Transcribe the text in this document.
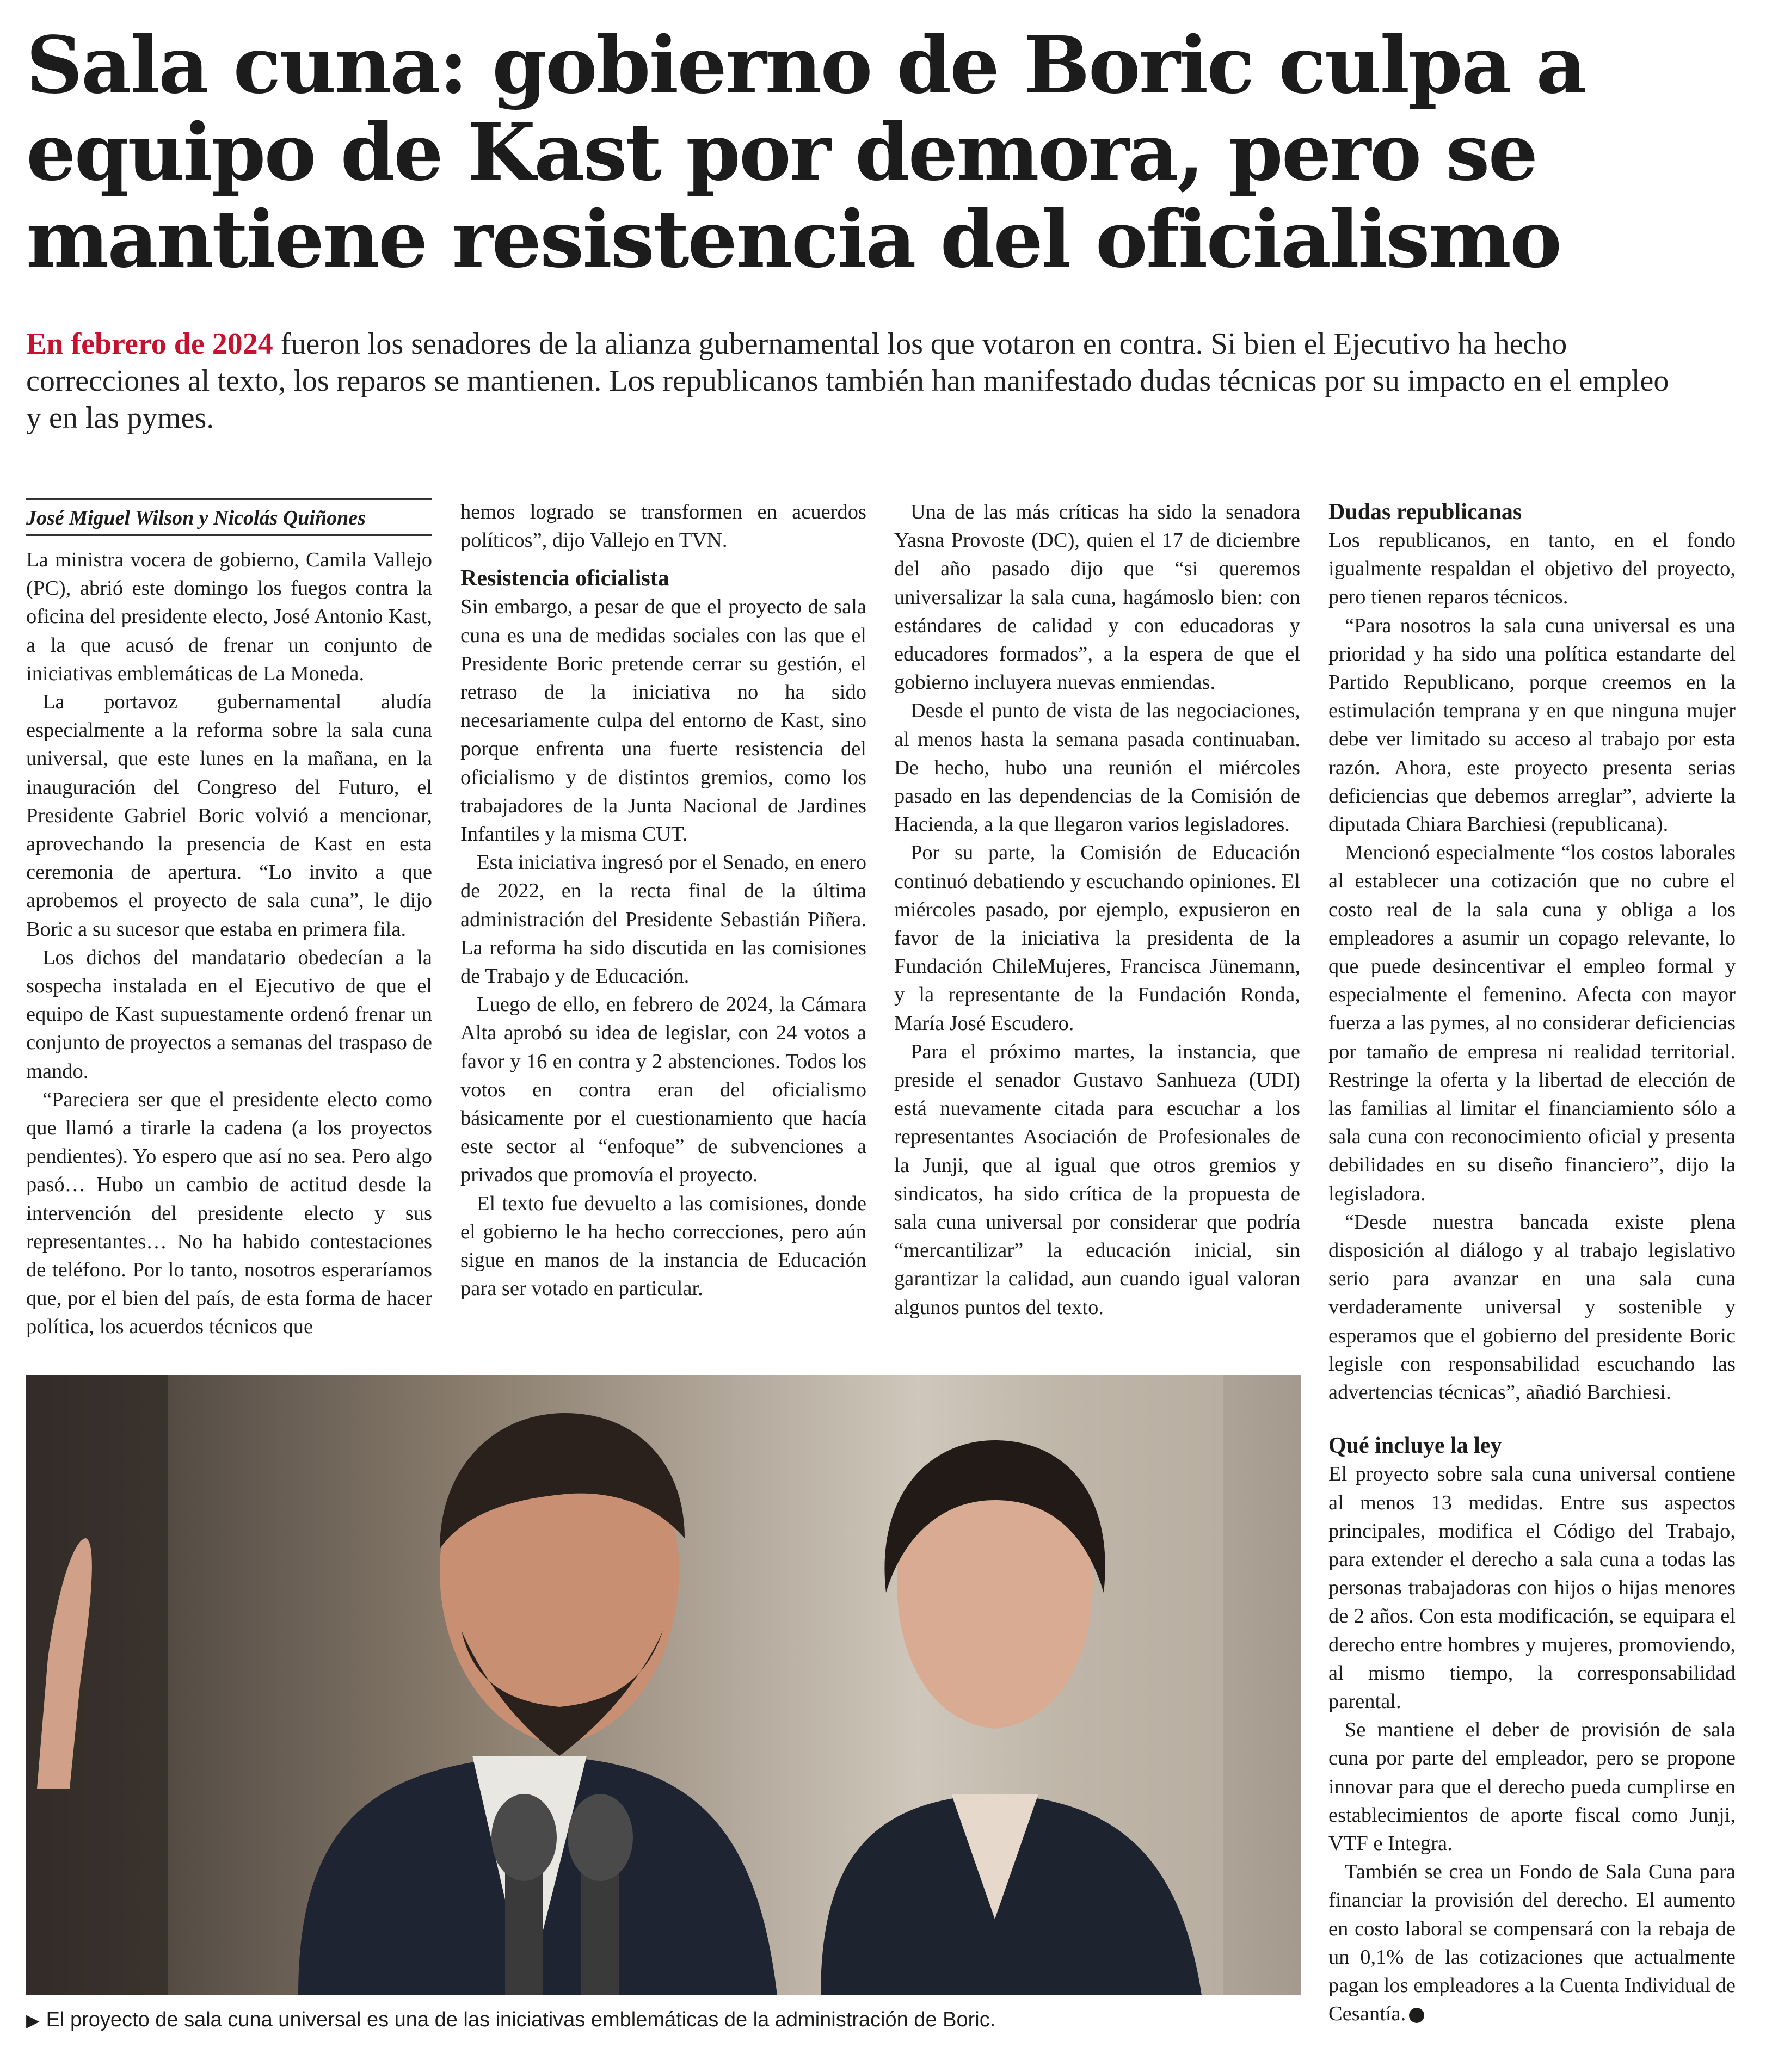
Sala cuna: gobierno de Boric culpa a equipo de Kast por demora, pero se mantiene resistencia del oficialismo

En febrero de 2024 fueron los senadores de la alianza gubernamental los que votaron en contra. Si bien el Ejecutivo ha hecho correcciones al texto, los reparos se mantienen. Los republicanos también han manifestado dudas técnicas por su impacto en el empleo y en las pymes.

José Miguel Wilson y Nicolás Quiñones

La ministra vocera de gobierno, Camila Vallejo (PC), abrió este domingo los fuegos contra la oficina del presidente electo, José Antonio Kast, a la que acusó de frenar un conjunto de iniciativas emblemáticas de La Moneda.

La portavoz gubernamental aludía especialmente a la reforma sobre la sala cuna universal, que este lunes en la mañana, en la inauguración del Congreso del Futuro, el Presidente Gabriel Boric volvió a mencionar, aprovechando la presencia de Kast en esta ceremonia de apertura. “Lo invito a que aprobemos el proyecto de sala cuna”, le dijo Boric a su sucesor que estaba en primera fila.

Los dichos del mandatario obedecían a la sospecha instalada en el Ejecutivo de que el equipo de Kast supuestamente ordenó frenar un conjunto de proyectos a semanas del traspaso de mando.

“Pareciera ser que el presidente electo como que llamó a tirarle la cadena (a los proyectos pendientes). Yo espero que así no sea. Pero algo pasó… Hubo un cambio de actitud desde la intervención del presidente electo y sus representantes… No ha habido contestaciones de teléfono. Por lo tanto, nosotros esperaríamos que, por el bien del país, de esta forma de hacer política, los acuerdos técnicos que

hemos logrado se transformen en acuerdos políticos”, dijo Vallejo en TVN.

Resistencia oficialista

Sin embargo, a pesar de que el proyecto de sala cuna es una de medidas sociales con las que el Presidente Boric pretende cerrar su gestión, el retraso de la iniciativa no ha sido necesariamente culpa del entorno de Kast, sino porque enfrenta una fuerte resistencia del oficialismo y de distintos gremios, como los trabajadores de la Junta Nacional de Jardines Infantiles y la misma CUT.

Esta iniciativa ingresó por el Senado, en enero de 2022, en la recta final de la última administración del Presidente Sebastián Piñera. La reforma ha sido discutida en las comisiones de Trabajo y de Educación.

Luego de ello, en febrero de 2024, la Cámara Alta aprobó su idea de legislar, con 24 votos a favor y 16 en contra y 2 abstenciones. Todos los votos en contra eran del oficialismo básicamente por el cuestionamiento que hacía este sector al “enfoque” de subvenciones a privados que promovía el proyecto.

El texto fue devuelto a las comisiones, donde el gobierno le ha hecho correcciones, pero aún sigue en manos de la instancia de Educación para ser votado en particular.

Una de las más críticas ha sido la senadora Yasna Provoste (DC), quien el 17 de diciembre del año pasado dijo que “si queremos universalizar la sala cuna, hagámoslo bien: con estándares de calidad y con educadoras y educadores formados”, a la espera de que el gobierno incluyera nuevas enmiendas.

Desde el punto de vista de las negociaciones, al menos hasta la semana pasada continuaban. De hecho, hubo una reunión el miércoles pasado en las dependencias de la Comisión de Hacienda, a la que llegaron varios legisladores.

Por su parte, la Comisión de Educación continuó debatiendo y escuchando opiniones. El miércoles pasado, por ejemplo, expusieron en favor de la iniciativa la presidenta de la Fundación ChileMujeres, Francisca Jünemann, y la representante de la Fundación Ronda, María José Escudero.

Para el próximo martes, la instancia, que preside el senador Gustavo Sanhueza (UDI) está nuevamente citada para escuchar a los representantes Asociación de Profesionales de la Junji, que al igual que otros gremios y sindicatos, ha sido crítica de la propuesta de sala cuna universal por considerar que podría “mercantilizar” la educación inicial, sin garantizar la calidad, aun cuando igual valoran algunos puntos del texto.

Dudas republicanas

Los republicanos, en tanto, en el fondo igualmente respaldan el objetivo del proyecto, pero tienen reparos técnicos.

“Para nosotros la sala cuna universal es una prioridad y ha sido una política estandarte del Partido Republicano, porque creemos en la estimulación temprana y en que ninguna mujer debe ver limitado su acceso al trabajo por esta razón. Ahora, este proyecto presenta serias deficiencias que debemos arreglar”, advierte la diputada Chiara Barchiesi (republicana).

Mencionó especialmente “los costos laborales al establecer una cotización que no cubre el costo real de la sala cuna y obliga a los empleadores a asumir un copago relevante, lo que puede desincentivar el empleo formal y especialmente el femenino. Afecta con mayor fuerza a las pymes, al no considerar deficiencias por tamaño de empresa ni realidad territorial. Restringe la oferta y la libertad de elección de las familias al limitar el financiamiento sólo a sala cuna con reconocimiento oficial y presenta debilidades en su diseño financiero”, dijo la legisladora.

“Desde nuestra bancada existe plena disposición al diálogo y al trabajo legislativo serio para avanzar en una sala cuna verdaderamente universal y sostenible y esperamos que el gobierno del presidente Boric legisle con responsabilidad escuchando las advertencias técnicas”, añadió Barchiesi.

Qué incluye la ley

El proyecto sobre sala cuna universal contiene al menos 13 medidas. Entre sus aspectos principales, modifica el Código del Trabajo, para extender el derecho a sala cuna a todas las personas trabajadoras con hijos o hijas menores de 2 años. Con esta modificación, se equipara el derecho entre hombres y mujeres, promoviendo, al mismo tiempo, la corresponsabilidad parental.

Se mantiene el deber de provisión de sala cuna por parte del empleador, pero se propone innovar para que el derecho pueda cumplirse en establecimientos de aporte fiscal como Junji, VTF e Integra.

También se crea un Fondo de Sala Cuna para financiar la provisión del derecho. El aumento en costo laboral se compensará con la rebaja de un 0,1% de las cotizaciones que actualmente pagan los empleadores a la Cuenta Individual de Cesantía.

▶ El proyecto de sala cuna universal es una de las iniciativas emblemáticas de la administración de Boric.
